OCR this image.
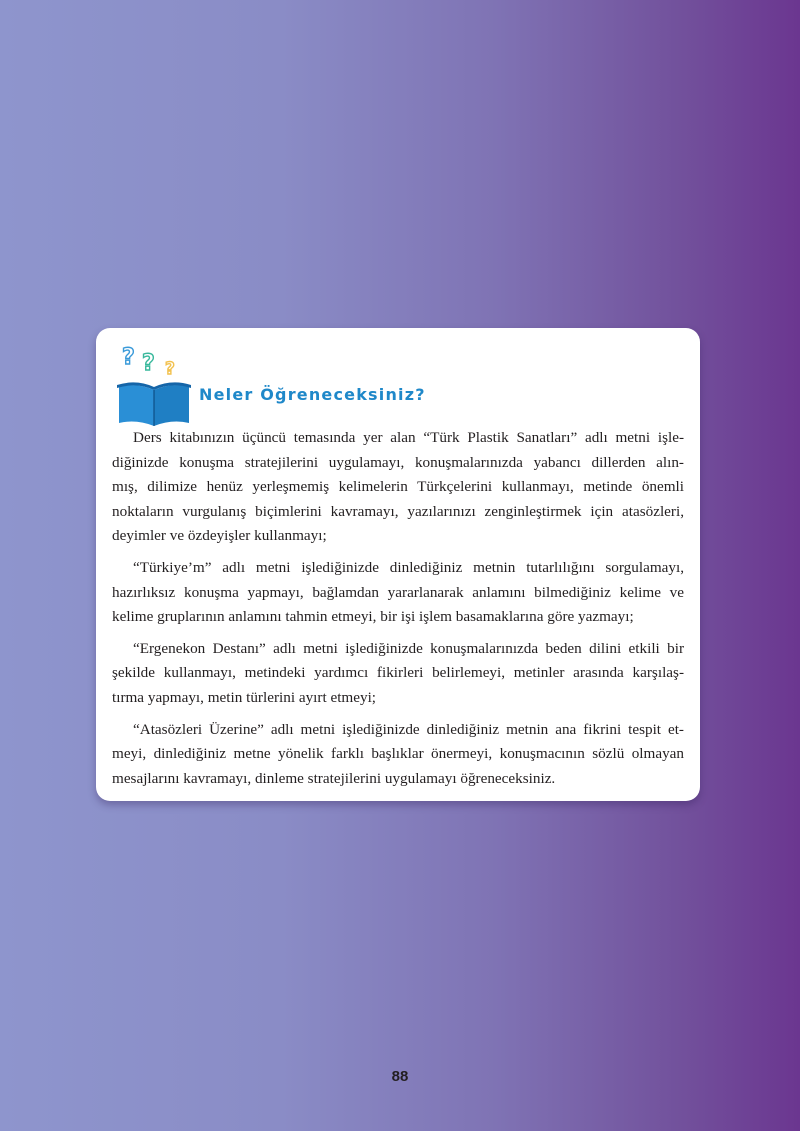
? ? ?
Neler Öğreneceksiniz?

Ders kitabınızın üçüncü temasında yer alan “Türk Plastik Sanatları” adlı metni işle-
diğinizde konuşma stratejilerini uygulamayı, konuşmalarınızda yabancı dillerden alın-
mış, dilimize henüz yerleşmemiş kelimelerin Türkçelerini kullanmayı, metinde önemli
noktaların vurgulanış biçimlerini kavramayı, yazılarınızı zenginleştirmek için atasözleri,
deyimler ve özdeyişler kullanmayı;

“Türkiye’m” adlı metni işlediğinizde dinlediğiniz metnin tutarlılığını sorgulamayı,
hazırlıksız konuşma yapmayı, bağlamdan yararlanarak anlamını bilmediğiniz kelime ve
kelime gruplarının anlamını tahmin etmeyi, bir işi işlem basamaklarına göre yazmayı;

“Ergenekon Destanı” adlı metni işlediğinizde konuşmalarınızda beden dilini etkili bir
şekilde kullanmayı, metindeki yardımcı fikirleri belirlemeyi, metinler arasında karşılaş-
tırma yapmayı, metin türlerini ayırt etmeyi;

“Atasözleri Üzerine” adlı metni işlediğinizde dinlediğiniz metnin ana fikrini tespit et-
meyi, dinlediğiniz metne yönelik farklı başlıklar önermeyi, konuşmacının sözlü olmayan
mesajlarını kavramayı, dinleme stratejilerini uygulamayı öğreneceksiniz.

88
